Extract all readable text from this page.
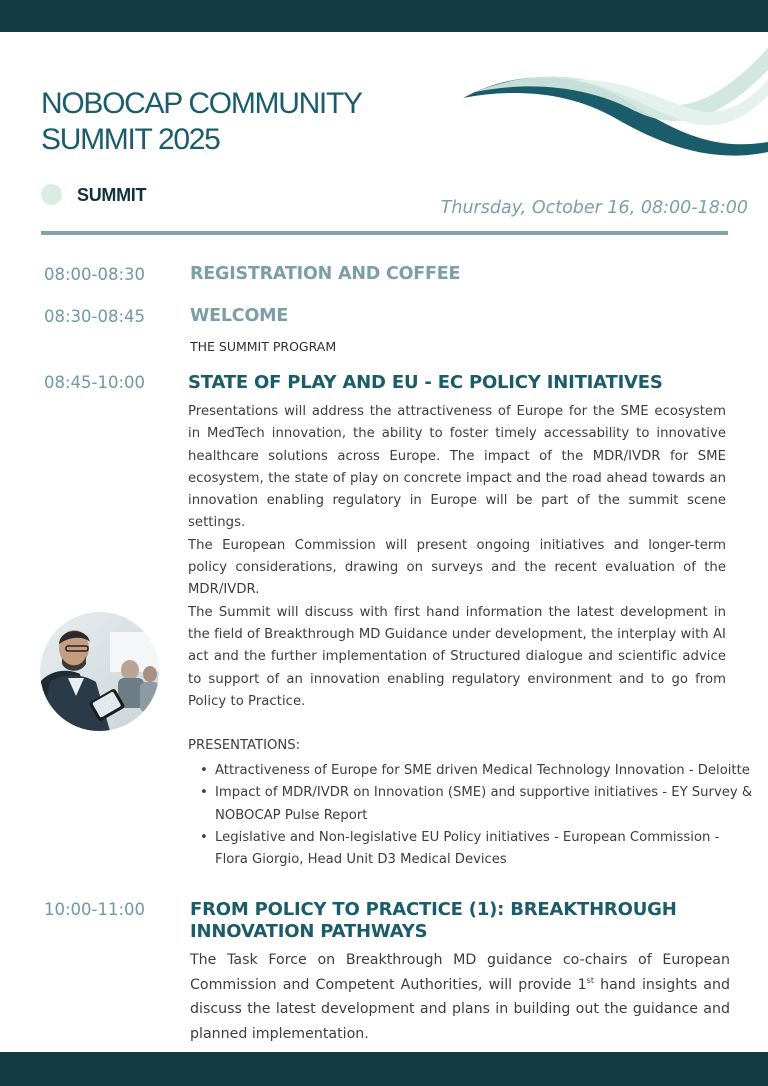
NOBOCAP COMMUNITY
SUMMIT 2025
SUMMIT
Thursday, October 16, 08:00-18:00
08:00-08:30	REGISTRATION AND COFFEE
08:30-08:45	WELCOME
THE SUMMIT PROGRAM
08:45-10:00 STATE OF PLAY AND EU - EC POLICY INITIATIVES

Presentations will address the attractiveness of Europe for the SME ecosystem in MedTech innovation, the ability to foster timely accessability to innovative healthcare solutions across Europe. The impact of the MDR/IVDR for SME ecosystem, the state of play on concrete impact and the road ahead towards an innovation enabling regulatory in Europe will be part of the summit scene settings.

The European Commission will present ongoing initiatives and longer-term policy considerations, drawing on surveys and the recent evaluation of the MDR/IVDR.

The Summit will discuss with first hand information the latest development in the field of Breakthrough MD Guidance under development, the interplay with AI act and the further implementation of Structured dialogue and scientific advice to support of an innovation enabling regulatory environment and to go from Policy to Practice.

PRESENTATIONS:
• Attractiveness of Europe for SME driven Medical Technology Innovation - Deloitte
• Impact of MDR/IVDR on Innovation (SME) and supportive initiatives - EY Survey & NOBOCAP Pulse Report
• Legislative and Non-legislative EU Policy initiatives - European Commission - Flora Giorgio, Head Unit D3 Medical Devices
10:00-11:00 FROM POLICY TO PRACTICE (1): BREAKTHROUGH
INNOVATION PATHWAYS
The Task Force on Breakthrough MD guidance co-chairs of European Commission and Competent Authorities, will provide 1st hand insights and discuss the latest development and plans in building out the guidance and planned implementation.
